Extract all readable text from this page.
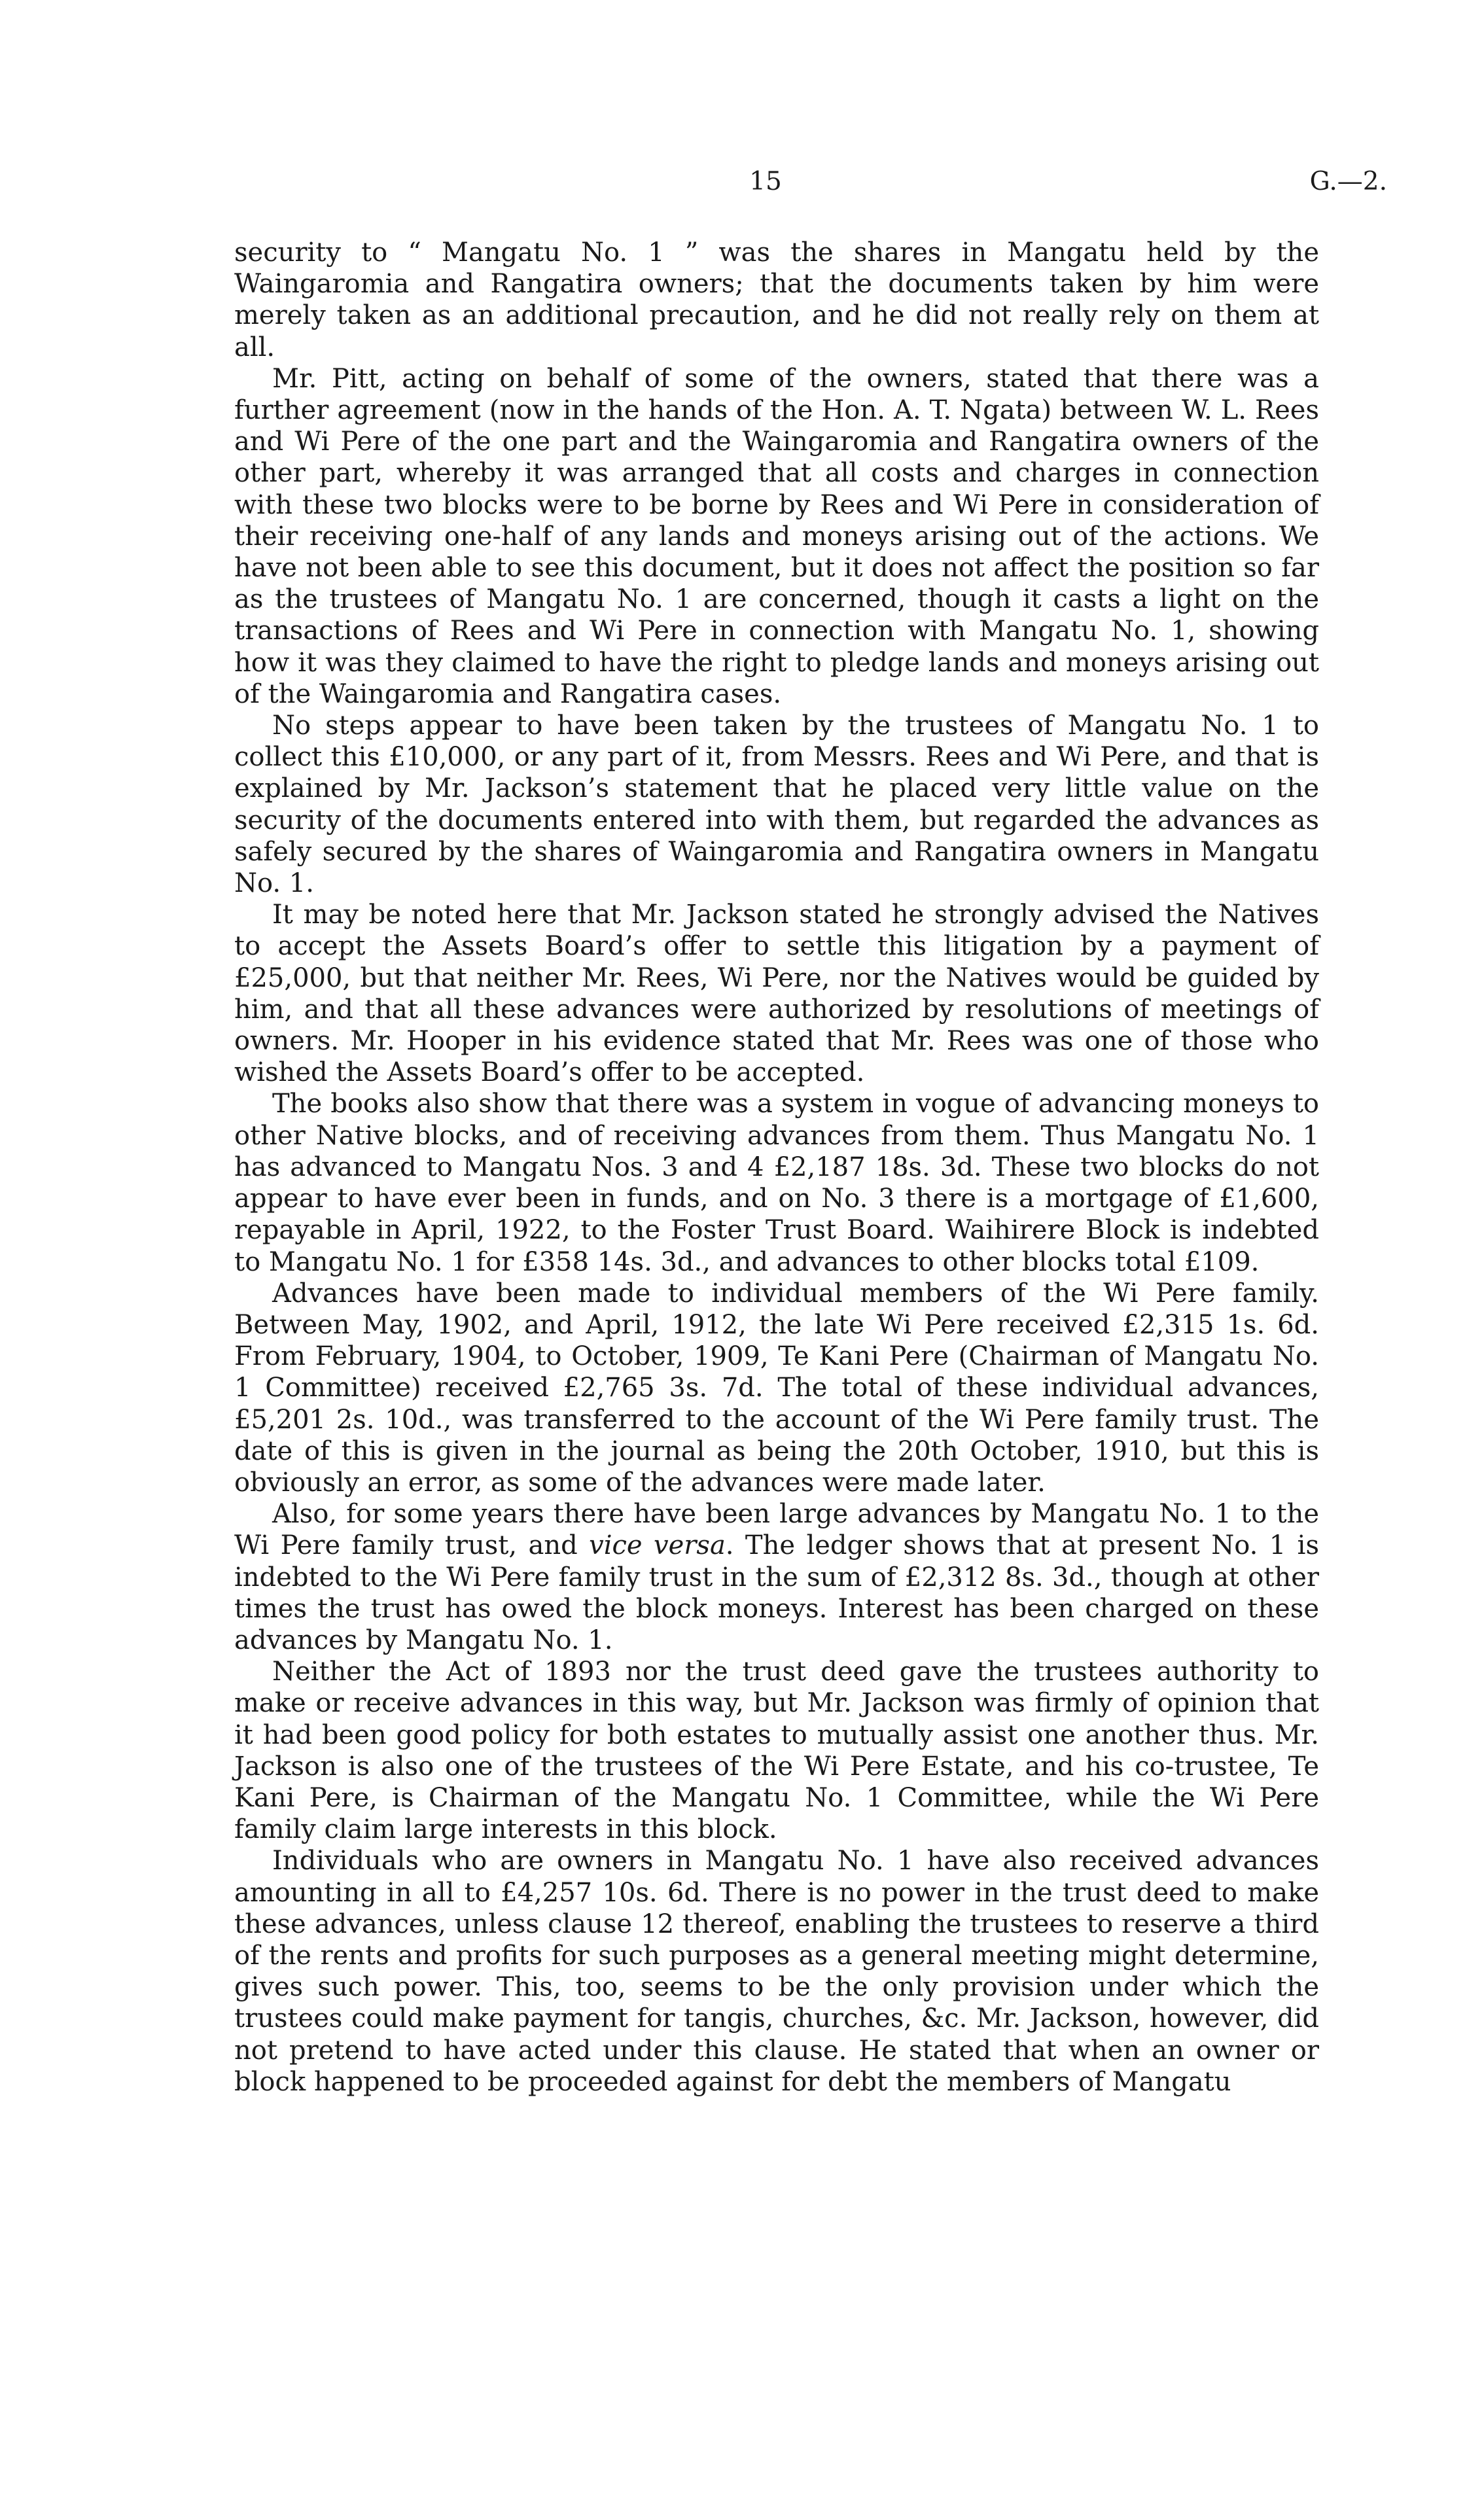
15	G.—2.

security to “ Mangatu No. 1 ” was the shares in Mangatu held by the Waingaromia and Rangatira owners; that the documents taken by him were merely taken as an additional precaution, and he did not really rely on them at all.

Mr. Pitt, acting on behalf of some of the owners, stated that there was a further agreement (now in the hands of the Hon. A. T. Ngata) between W. L. Rees and Wi Pere of the one part and the Waingaromia and Rangatira owners of the other part, whereby it was arranged that all costs and charges in connection with these two blocks were to be borne by Rees and Wi Pere in consideration of their receiving one-half of any lands and moneys arising out of the actions. We have not been able to see this document, but it does not affect the position so far as the trustees of Mangatu No. 1 are concerned, though it casts a light on the transactions of Rees and Wi Pere in connection with Mangatu No. 1, showing how it was they claimed to have the right to pledge lands and moneys arising out of the Waingaromia and Rangatira cases.

No steps appear to have been taken by the trustees of Mangatu No. 1 to collect this £10,000, or any part of it, from Messrs. Rees and Wi Pere, and that is explained by Mr. Jackson’s statement that he placed very little value on the security of the documents entered into with them, but regarded the advances as safely secured by the shares of Waingaromia and Rangatira owners in Mangatu No. 1.

It may be noted here that Mr. Jackson stated he strongly advised the Natives to accept the Assets Board’s offer to settle this litigation by a payment of £25,000, but that neither Mr. Rees, Wi Pere, nor the Natives would be guided by him, and that all these advances were authorized by resolutions of meetings of owners. Mr. Hooper in his evidence stated that Mr. Rees was one of those who wished the Assets Board’s offer to be accepted.

The books also show that there was a system in vogue of advancing moneys to other Native blocks, and of receiving advances from them. Thus Mangatu No. 1 has advanced to Mangatu Nos. 3 and 4 £2,187 18s. 3d. These two blocks do not appear to have ever been in funds, and on No. 3 there is a mortgage of £1,600, repayable in April, 1922, to the Foster Trust Board. Waihirere Block is indebted to Mangatu No. 1 for £358 14s. 3d., and advances to other blocks total £109.

Advances have been made to individual members of the Wi Pere family. Between May, 1902, and April, 1912, the late Wi Pere received £2,315 1s. 6d. From February, 1904, to October, 1909, Te Kani Pere (Chairman of Mangatu No. 1 Committee) received £2,765 3s. 7d. The total of these individual advances, £5,201 2s. 10d., was transferred to the account of the Wi Pere family trust. The date of this is given in the journal as being the 20th October, 1910, but this is obviously an error, as some of the advances were made later.

Also, for some years there have been large advances by Mangatu No. 1 to the Wi Pere family trust, and vice versa. The ledger shows that at present No. 1 is indebted to the Wi Pere family trust in the sum of £2,312 8s. 3d., though at other times the trust has owed the block moneys. Interest has been charged on these advances by Mangatu No. 1.

Neither the Act of 1893 nor the trust deed gave the trustees authority to make or receive advances in this way, but Mr. Jackson was firmly of opinion that it had been good policy for both estates to mutually assist one another thus. Mr. Jackson is also one of the trustees of the Wi Pere Estate, and his co-trustee, Te Kani Pere, is Chairman of the Mangatu No. 1 Committee, while the Wi Pere family claim large interests in this block.

Individuals who are owners in Mangatu No. 1 have also received advances amounting in all to £4,257 10s. 6d. There is no power in the trust deed to make these advances, unless clause 12 thereof, enabling the trustees to reserve a third of the rents and profits for such purposes as a general meeting might determine, gives such power. This, too, seems to be the only provision under which the trustees could make payment for tangis, churches, &c. Mr. Jackson, however, did not pretend to have acted under this clause. He stated that when an owner or block happened to be proceeded against for debt the members of Mangatu
